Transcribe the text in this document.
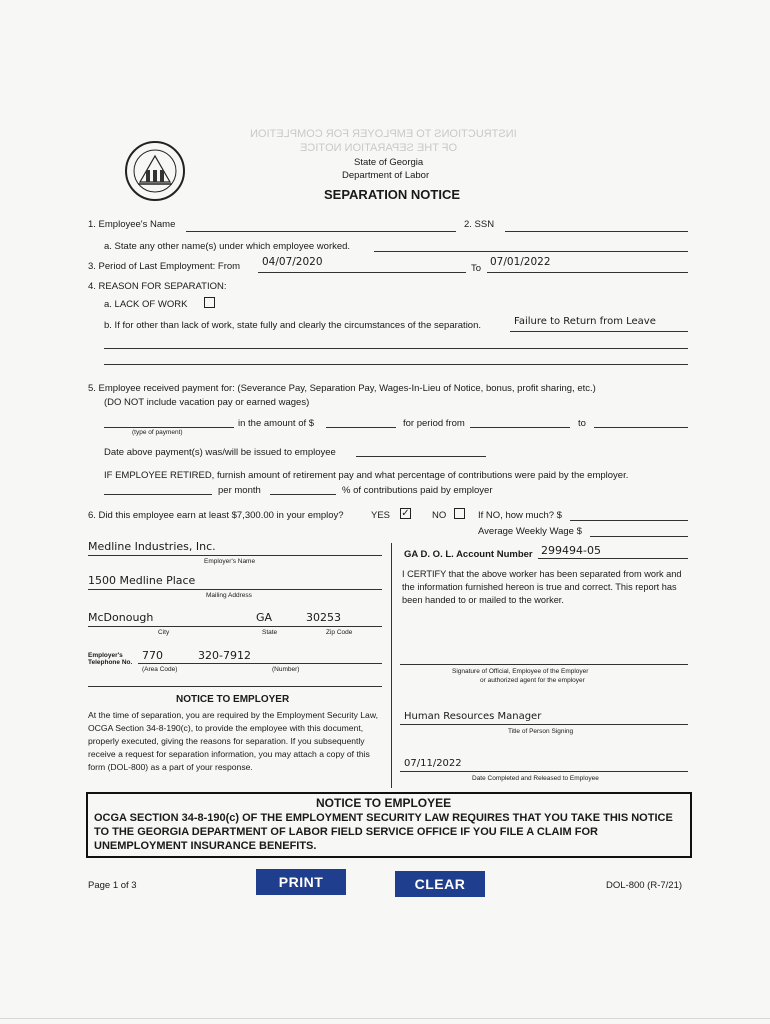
INSTRUCTIONS TO EMPLOYER FOR COMPLETION
OF THE SEPARATION NOTICE
State of Georgia
Department of Labor
SEPARATION NOTICE
1. Employee's Name	2. SSN
a. State any other name(s) under which employee worked.
3. Period of Last Employment: From 04/07/2020
To
07/01/2022
4. REASON FOR SEPARATION:
a. LACK OF WORK
b. If for other than lack of work, state fully and clearly the circumstances of the separation.	Failure to Return from Leave
5. Employee received payment for: (Severance Pay, Separation Pay, Wages-In-Lieu of Notice, bonus, profit sharing, etc.)
(DO NOT include vacation pay or earned wages)
(type of payment)
in the amount of $	for period from	to
Date above payment(s) was/will be issued to employee
IF EMPLOYEE RETIRED, furnish amount of retirement pay and what percentage of contributions were paid by the employer.
per month	% of contributions paid by employer
6. Did this employee earn at least $7,300.00 in your employ?	YES ✓ NO	If NO, how much? $
Average Weekly Wage $
Medline Industries, Inc.
Employer's Name
1500 Medline Place
Mailing Address
McDonough	GA	30253
City	State	Zip Code
Employer's
Telephone No.
770	320-7912
(Area Code)	(Number)
NOTICE TO EMPLOYER
At the time of separation, you are required by the Employment Security Law, OCGA Section 34-8-190(c), to provide the employee with this document, properly executed, giving the reasons for separation. If you subsequently receive a request for separation information, you may attach a copy of this form (DOL-800) as a part of your response.
GA D. O. L. Account Number 299494-05
I CERTIFY that the above worker has been separated from work and the information furnished hereon is true and correct. This report has been handed to or mailed to the worker.
Signature of Official, Employee of the Employer
or authorized agent for the employer
Human Resources Manager
Title of Person Signing
07/11/2022
Date Completed and Released to Employee
NOTICE TO EMPLOYEE
OCGA SECTION 34-8-190(c) OF THE EMPLOYMENT SECURITY LAW REQUIRES THAT YOU TAKE THIS NOTICE TO THE GEORGIA DEPARTMENT OF LABOR FIELD SERVICE OFFICE IF YOU FILE A CLAIM FOR UNEMPLOYMENT INSURANCE BENEFITS.
Page 1 of 3	PRINT	CLEAR	DOL-800 (R-7/21)
